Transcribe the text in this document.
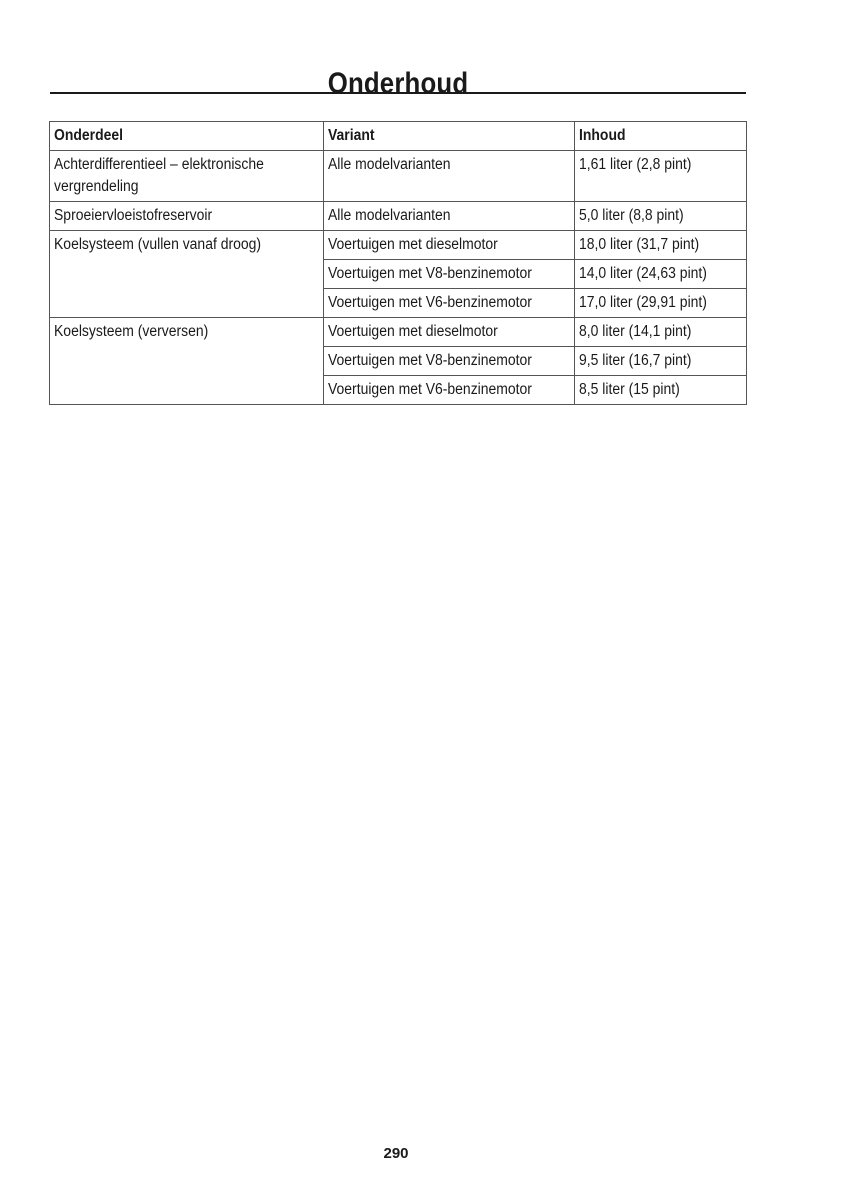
Onderhoud
Onderdeel	Variant	Inhoud
Achterdifferentieel – elektronische vergrendeling	Alle modelvarianten	1,61 liter (2,8 pint)
Sproeiervloeistofreservoir	Alle modelvarianten	5,0 liter (8,8 pint)
Koelsysteem (vullen vanaf droog)	Voertuigen met dieselmotor	18,0 liter (31,7 pint)
	Voertuigen met V8-benzinemotor	14,0 liter (24,63 pint)
	Voertuigen met V6-benzinemotor	17,0 liter (29,91 pint)
Koelsysteem (verversen)	Voertuigen met dieselmotor	8,0 liter (14,1 pint)
	Voertuigen met V8-benzinemotor	9,5 liter (16,7 pint)
	Voertuigen met V6-benzinemotor	8,5 liter (15 pint)
290
